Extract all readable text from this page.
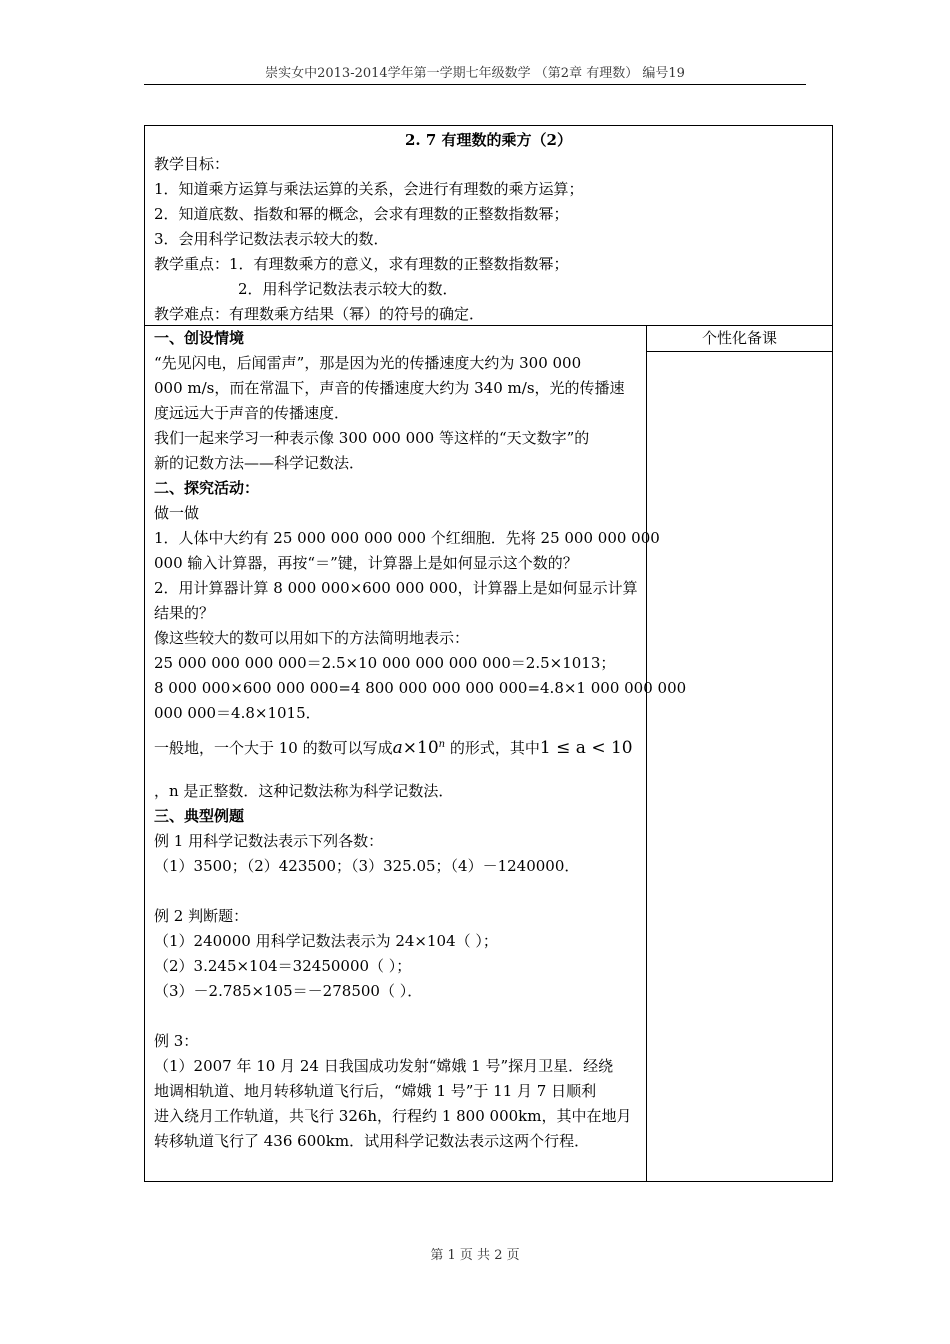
崇实女中2013-2014学年第一学期七年级数学 （第2章 有理数） 编号19
2. 7 有理数的乘方（2）
教学目标：
1．知道乘方运算与乘法运算的关系，会进行有理数的乘方运算；
2．知道底数、指数和幂的概念，会求有理数的正整数指数幂；
3．会用科学记数法表示较大的数．
教学重点：1．有理数乘方的意义，求有理数的正整数指数幂；
2．用科学记数法表示较大的数．
教学难点：有理数乘方结果（幂）的符号的确定．
一、创设情境
“先见闪电，后闻雷声”，那是因为光的传播速度大约为 300 000
000 m/s，而在常温下，声音的传播速度大约为 340 m/s，光的传播速
度远远大于声音的传播速度．
我们一起来学习一种表示像 300 000 000 等这样的“天文数字”的
新的记数方法——科学记数法．
二、探究活动：
做一做
1．人体中大约有 25 000 000 000 000 个红细胞．先将 25 000 000 000
000 输入计算器，再按“＝”键，计算器上是如何显示这个数的？
2．用计算器计算 8 000 000×600 000 000，计算器上是如何显示计算
结果的？
像这些较大的数可以用如下的方法简明地表示：
25 000 000 000 000＝2.5×10 000 000 000 000＝2.5×1013；
8 000 000×600 000 000=4 800 000 000 000 000=4.8×1 000 000 000
000 000＝4.8×1015．
一般地，一个大于 10 的数可以写成$a\times 10^n$ 的形式，其中1 ≤ a < 10
，n 是正整数．这种记数法称为科学记数法．
三、典型例题
例 1 用科学记数法表示下列各数：
（1）3500；（2）423500；（3）325.05；（4）－1240000．
例 2 判断题：
（1）240000 用科学记数法表示为 24×104（ ）；
（2）3.245×104＝32450000（ ）；
（3）－2.785×105＝－278500（ ）．
例 3：
（1）2007 年 10 月 24 日我国成功发射“嫦娥 1 号”探月卫星．经绕
地调相轨道、地月转移轨道飞行后，“嫦娥 1 号”于 11 月 7 日顺利
进入绕月工作轨道，共飞行 326h，行程约 1 800 000km，其中在地月
转移轨道飞行了 436 600km．试用科学记数法表示这两个行程．
个性化备课
第 1 页 共 2 页
